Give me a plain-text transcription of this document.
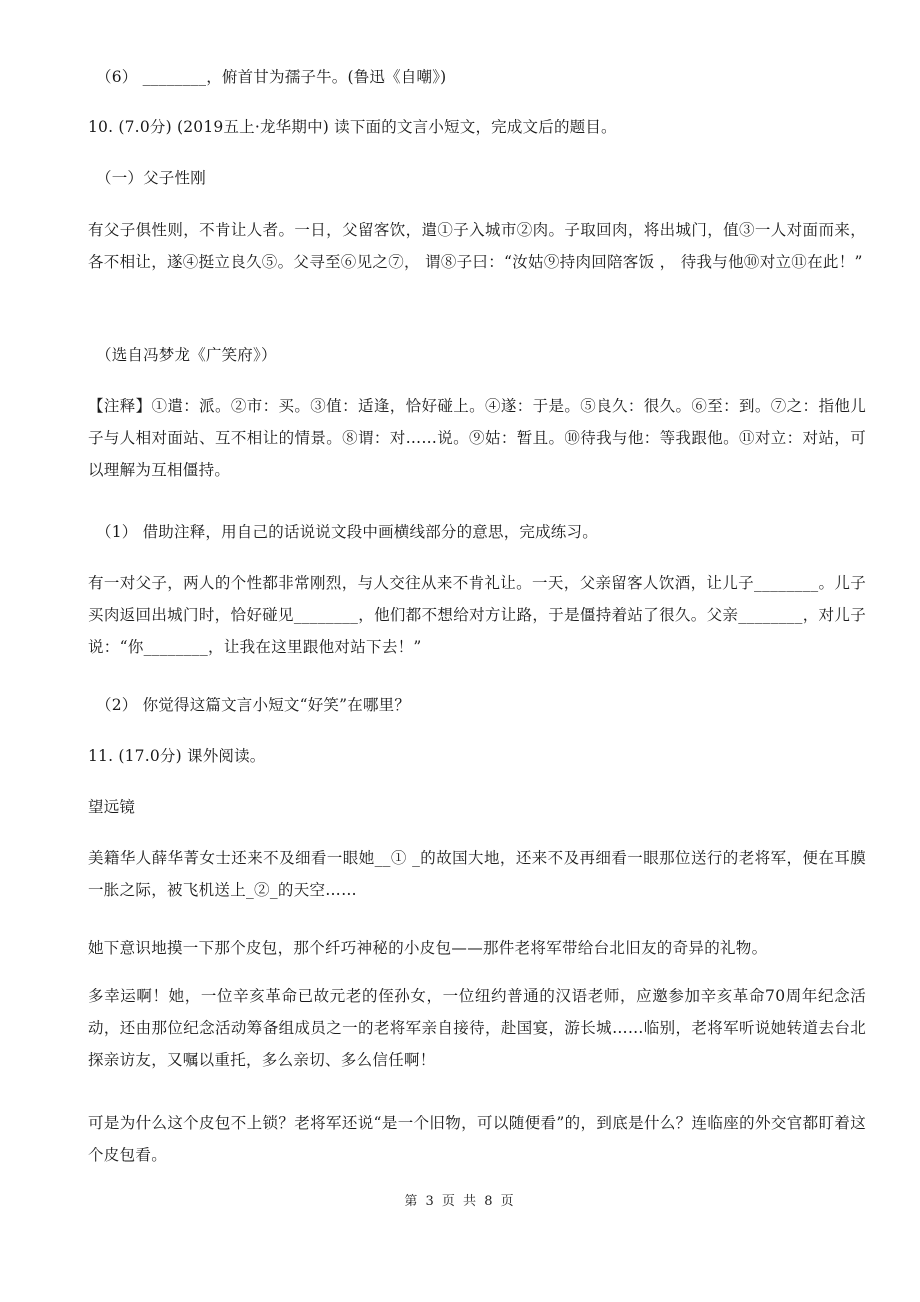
（6） ________，俯首甘为孺子牛。(鲁迅《自嘲》)
10. (7.0分) (2019五上·龙华期中) 读下面的文言小短文，完成文后的题目。
（一）父子性刚
有父子俱性则，不肯让人者。一日，父留客饮，遣①子入城市②肉。子取回肉，将出城门，值③一人对面而来， 各不相让，遂④挺立良久⑤。父寻至⑥见之⑦， 谓⑧子曰：“汝姑⑨持肉回陪客饭 ， 待我与他⑩对立⑪在此！”
（选自冯梦龙《广笑府》）
【注释】①遣：派。②市：买。③值：适逢，恰好碰上。④遂：于是。⑤良久：很久。⑥至：到。⑦之：指他儿子与人相对面站、互不相让的情景。⑧谓：对……说。⑨姑：暂且。⑩待我与他：等我跟他。⑪对立：对站，可以理解为互相僵持。
（1） 借助注释，用自己的话说说文段中画横线部分的意思，完成练习。
有一对父子，两人的个性都非常刚烈，与人交往从来不肯礼让。一天，父亲留客人饮酒，让儿子________。儿子买肉返回出城门时，恰好碰见________，他们都不想给对方让路，于是僵持着站了很久。父亲________，对儿子说：“你________，让我在这里跟他对站下去！”
（2） 你觉得这篇文言小短文“好笑”在哪里？
11. (17.0分) 课外阅读。
望远镜
美籍华人薛华菁女士还来不及细看一眼她__① _的故国大地，还来不及再细看一眼那位送行的老将军，便在耳膜一胀之际，被飞机送上_②_的天空……
她下意识地摸一下那个皮包，那个纤巧神秘的小皮包——那件老将军带给台北旧友的奇异的礼物。
多幸运啊！她，一位辛亥革命已故元老的侄孙女，一位纽约普通的汉语老师，应邀参加辛亥革命70周年纪念活动，还由那位纪念活动筹备组成员之一的老将军亲自接待，赴国宴，游长城……临别，老将军听说她转道去台北探亲访友，又嘱以重托，多么亲切、多么信任啊！
可是为什么这个皮包不上锁？老将军还说“是一个旧物，可以随便看”的，到底是什么？连临座的外交官都盯着这个皮包看。
第 3 页 共 8 页
